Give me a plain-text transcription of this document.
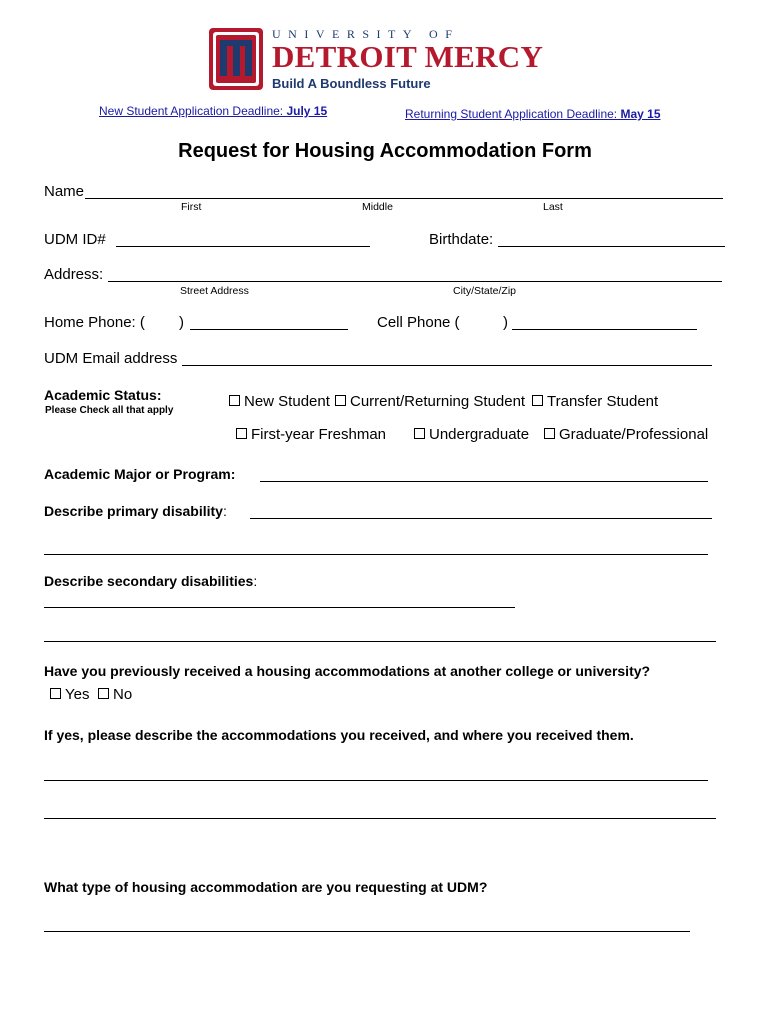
UNIVERSITY OF
DETROIT MERCY
Build A Boundless Future
New Student Application Deadline: July 15	Returning Student Application Deadline: May 15
Request for Housing Accommodation Form
Name
First	Middle	Last
UDM ID#	Birthdate:
Address:
Street Address	City/State/Zip
Home Phone: ( )	Cell Phone (	)
UDM Email address
Academic Status:
Please Check all that apply
New Student	Current/Returning Student	Transfer Student
First-year Freshman	Undergraduate	Graduate/Professional
Academic Major or Program:
Describe primary disability:
Describe secondary disabilities:
Have you previously received a housing accommodations at another college or university?
Yes	No
If yes, please describe the accommodations you received, and where you received them.
What type of housing accommodation are you requesting at UDM?
